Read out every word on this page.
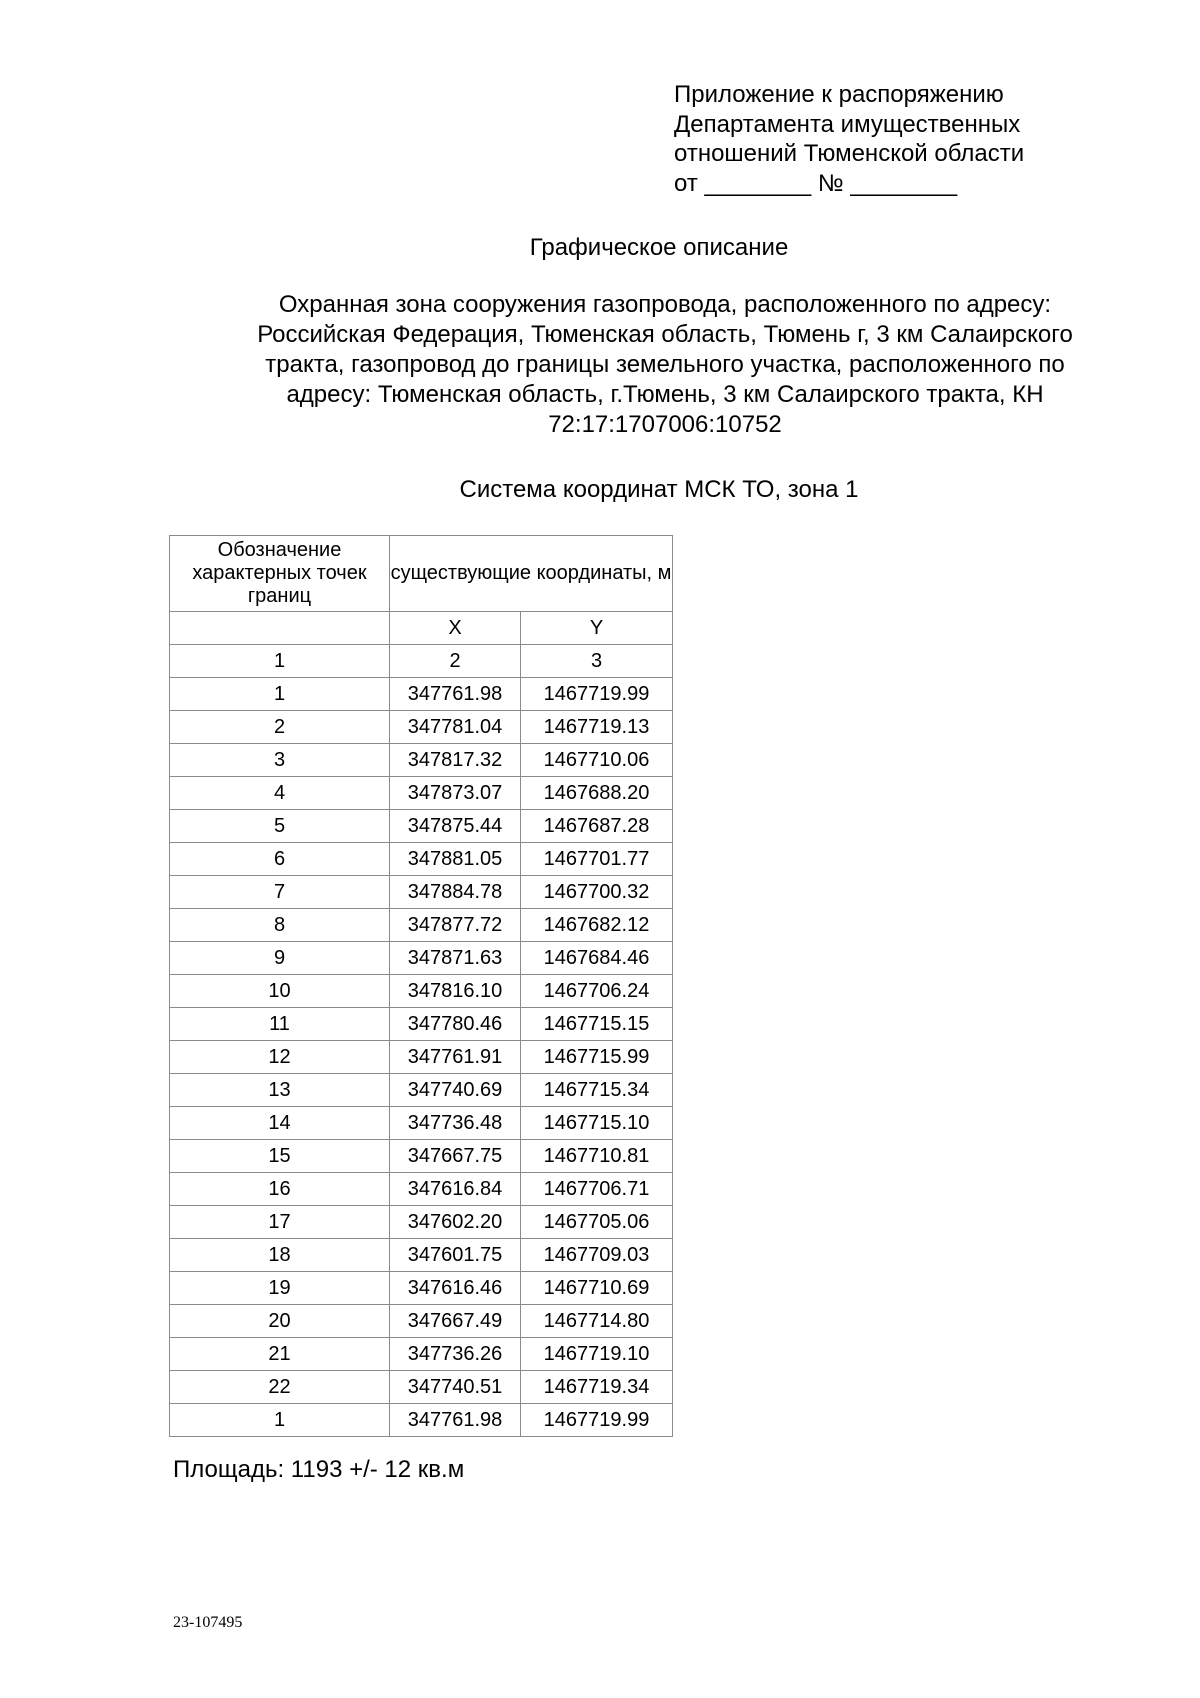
Приложение к распоряжению
Департамента имущественных
отношений Тюменской области
от ________ № ________
Графическое описание
Охранная зона сооружения газопровода, расположенного по адресу:
Российская Федерация, Тюменская область, Тюмень г, 3 км Салаирского
тракта, газопровод до границы земельного участка, расположенного по
адресу: Тюменская область, г.Тюмень, 3 км Салаирского тракта, КН
72:17:1707006:10752
Система координат МСК ТО, зона 1
Обозначение характерных точек границ	существующие координаты, м	
	X	Y
1	2	3
1	347761.98	1467719.99
2	347781.04	1467719.13
3	347817.32	1467710.06
4	347873.07	1467688.20
5	347875.44	1467687.28
6	347881.05	1467701.77
7	347884.78	1467700.32
8	347877.72	1467682.12
9	347871.63	1467684.46
10	347816.10	1467706.24
11	347780.46	1467715.15
12	347761.91	1467715.99
13	347740.69	1467715.34
14	347736.48	1467715.10
15	347667.75	1467710.81
16	347616.84	1467706.71
17	347602.20	1467705.06
18	347601.75	1467709.03
19	347616.46	1467710.69
20	347667.49	1467714.80
21	347736.26	1467719.10
22	347740.51	1467719.34
1	347761.98	1467719.99
Площадь: 1193 +/- 12 кв.м
23-107495
